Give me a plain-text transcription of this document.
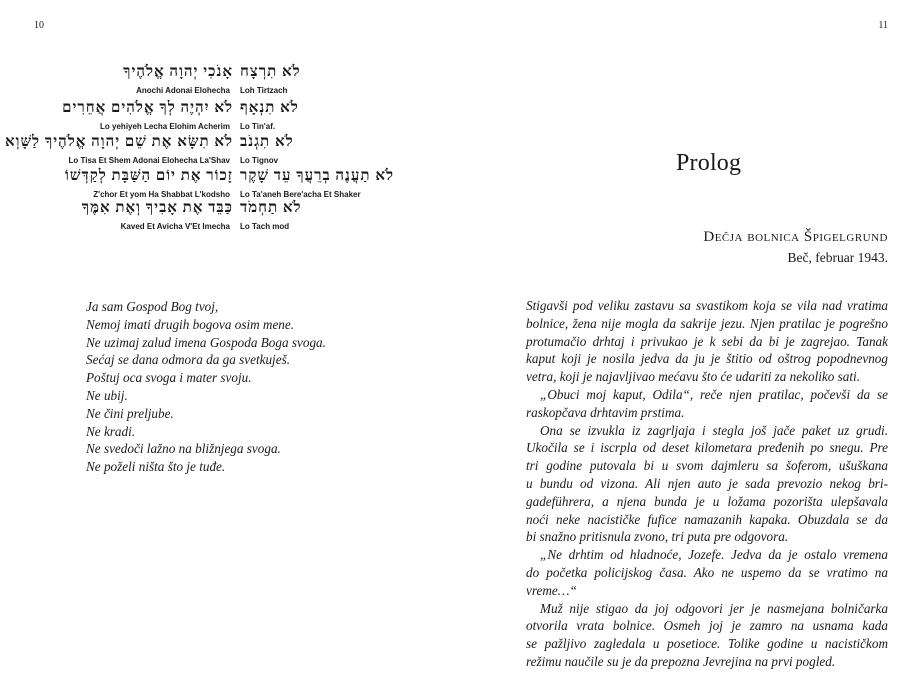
10
אָנֹכִי יְהוָה אֱלֹהֶיךָ לֹא תִרְצָח
Anochi Adonai Elohecha Loh Tirtzach
לֹא יִהְיֶה לְךָ אֱלֹהִים אֲחֵרִים לֹא תִנְאָף
Lo yehiyeh Lecha Elohim Acherim Lo Tin'af.
לֹא תִשָּׂא אֶת שֵׁם יְהוָה אֱלֹהֶיךָ לַשָּׁוְא לֹא תִגְנֹב
Lo Tisa Et Shem Adonai Elohecha La'Shav Lo Tignov
זָכוֹר אֶת יוֹם הַשַּׁבָּת לְקַדְּשׁוֹ לֹא תַעֲנֶה בְרֵעֲךָ עֵד שָׁקֶר
Z'chor Et yom Ha Shabbat L'kodsho Lo Ta'aneh Bere'acha Et Shaker
כַּבֵּד אֶת אָבִיךָ וְאֶת אִמֶּךָ לֹא תַחְמֹד
Kaved Et Avicha V'Et Imecha Lo Tach mod
Ja sam Gospod Bog tvoj,
Nemoj imati drugih bogova osim mene.
Ne uzimaj zalud imena Gospoda Boga svoga.
Sećaj se dana odmora da ga svetkuješ.
Poštuj oca svoga i mater svoju.
Ne ubij.
Ne čini preljube.
Ne kradi.
Ne svedoči lažno na bližnjega svoga.
Ne poželi ništa što je tuđe.
11
Prolog
Dečja bolnica Špigelgrund
Beč, februar 1943.
Stigavši pod veliku zastavu sa svastikom koja se vila nad vratima
bolnice, žena nije mogla da sakrije jezu. Njen pratilac je pogrešno
protumačio drhtaj i privukao je k sebi da bi je zagrejao. Tanak
kaput koji je nosila jedva da ju je štitio od oštrog popodnevnog
vetra, koji je najavljivao mećavu što će udariti za nekoliko sati.
„Obuci moj kaput, Odila“, reče njen pratilac, počevši da se
raskopčava drhtavim prstima.
Ona se izvukla iz zagrljaja i stegla još jače paket uz grudi.
Ukočila se i iscrpla od deset kilometara pređenih po snegu. Pre
tri godine putovala bi u svom dajmleru sa šoferom, ušuškana
u bundu od vizona. Ali njen auto je sada prevozio nekog bri-
gadeführera, a njena bunda je u ložama pozorišta ulepšavala
noći neke nacističke fufice namazanih kapaka. Obuzdala se da
bi snažno pritisnula zvono, tri puta pre odgovora.
„Ne drhtim od hladnoće, Jozefe. Jedva da je ostalo vremena
do početka policijskog časa. Ako ne uspemo da se vratimo na
vreme…“
Muž nije stigao da joj odgovori jer je nasmejana bolničarka
otvorila vrata bolnice. Osmeh joj je zamro na usnama kada
se pažljivo zagledala u posetioce. Tolike godine u nacističkom
režimu naučile su je da prepozna Jevrejina na prvi pogled.
